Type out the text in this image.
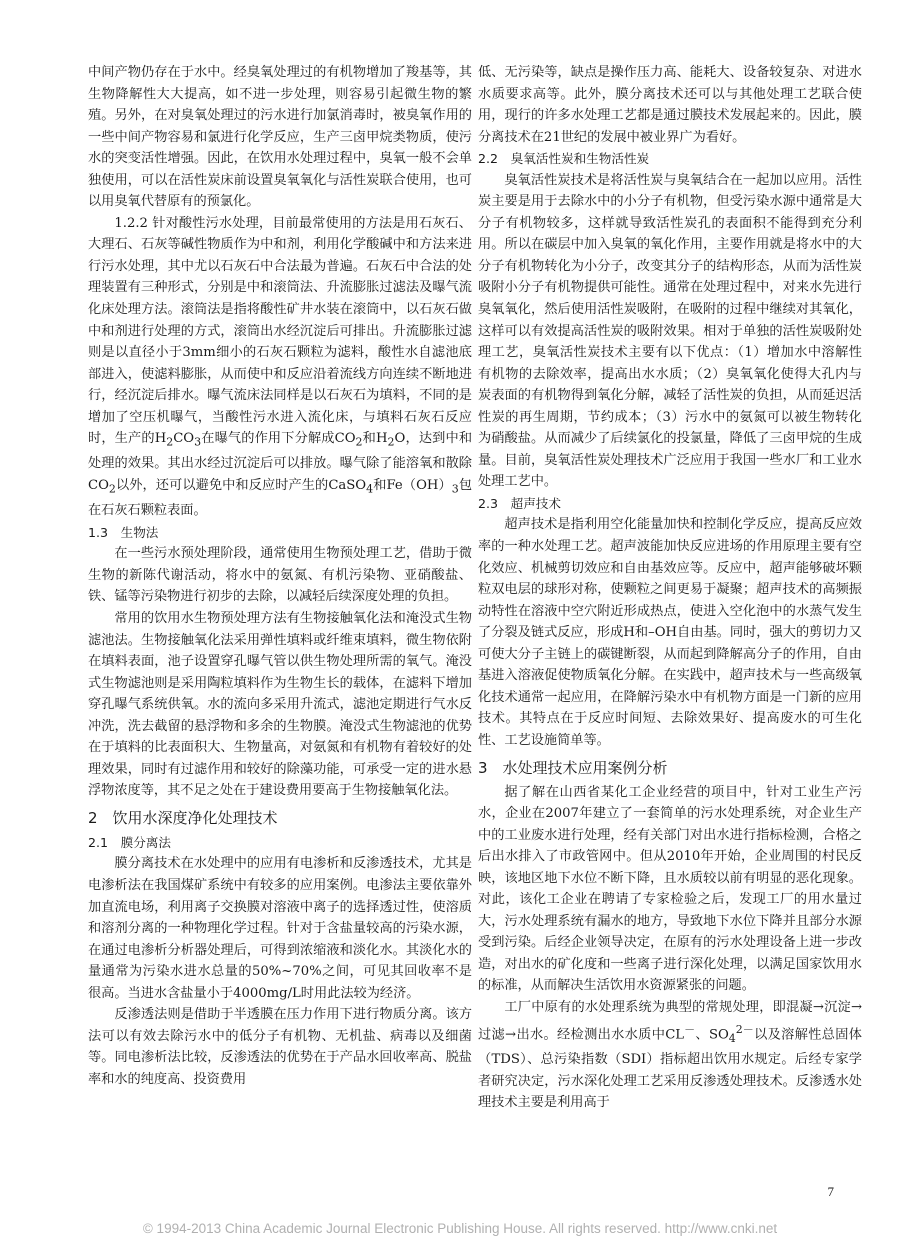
中间产物仍存在于水中。经臭氧处理过的有机物增加了羧基等，其生物降解性大大提高，如不进一步处理，则容易引起微生物的繁殖。另外，在对臭氧处理过的污水进行加氯消毒时，被臭氧作用的一些中间产物容易和氯进行化学反应，生产三卤甲烷类物质，使污水的突变活性增强。因此，在饮用水处理过程中，臭氧一般不会单独使用，可以在活性炭床前设置臭氧氧化与活性炭联合使用，也可以用臭氧代替原有的预氯化。

1.2.2 针对酸性污水处理，目前最常使用的方法是用石灰石、大理石、石灰等碱性物质作为中和剂，利用化学酸碱中和方法来进行污水处理，其中尤以石灰石中合法最为普遍。石灰石中合法的处理装置有三种形式，分别是中和滚筒法、升流膨胀过滤法及曝气流化床处理方法。滚筒法是指将酸性矿井水装在滚筒中，以石灰石做中和剂进行处理的方式，滚筒出水经沉淀后可排出。升流膨胀过滤则是以直径小于3mm细小的石灰石颗粒为滤料，酸性水自滤池底部进入，使滤料膨胀，从而使中和反应沿着流线方向连续不断地进行，经沉淀后排水。曝气流床法同样是以石灰石为填料，不同的是增加了空压机曝气，当酸性污水进入流化床，与填料石灰石反应时，生产的$H_2CO_3$在曝气的作用下分解成$CO_2$和$H_2O$，达到中和处理的效果。其出水经过沉淀后可以排放。曝气除了能溶氧和散除$CO_2$以外，还可以避免中和反应时产生的CaSO$_4$和$Fe(OH)_3$包在石灰石颗粒表面。

1.3　生物法

在一些污水预处理阶段，通常使用生物预处理工艺，借助于微生物的新陈代谢活动，将水中的氨氮、有机污染物、亚硝酸盐、铁、锰等污染物进行初步的去除，以减轻后续深度处理的负担。

常用的饮用水生物预处理方法有生物接触氧化法和淹没式生物滤池法。生物接触氧化法采用弹性填料或纤维束填料，微生物依附在填料表面，池子设置穿孔曝气管以供生物处理所需的氧气。淹没式生物滤池则是采用陶粒填料作为生物生长的载体，在滤料下增加穿孔曝气系统供氧。水的流向多采用升流式，滤池定期进行气水反冲洗，洗去截留的悬浮物和多余的生物膜。淹没式生物滤池的优势在于填料的比表面积大、生物量高，对氨氮和有机物有着较好的处理效果，同时有过滤作用和较好的除藻功能，可承受一定的进水悬浮物浓度等，其不足之处在于建设费用要高于生物接触氧化法。

2　饮用水深度净化处理技术
2.1　膜分离法

膜分离技术在水处理中的应用有电渗析和反渗透技术，尤其是电渗析法在我国煤矿系统中有较多的应用案例。电渗法主要依靠外加直流电场，利用离子交换膜对溶液中离子的选择透过性，使溶质和溶剂分离的一种物理化学过程。针对于含盐量较高的污染水源，在通过电渗析分析器处理后，可得到浓缩液和淡化水。其淡化水的量通常为污染水进水总量的50%~70%之间，可见其回收率不是很高。当进水含盐量小于4000mg/L时用此法较为经济。

反渗透法则是借助于半透膜在压力作用下进行物质分离。该方法可以有效去除污水中的低分子有机物、无机盐、病毒以及细菌等。同电渗析法比较，反渗透法的优势在于产品水回收率高、脱盐率和水的纯度高、投资费用

低、无污染等，缺点是操作压力高、能耗大、设备较复杂、对进水水质要求高等。此外，膜分离技术还可以与其他处理工艺联合使用，现行的许多水处理工艺都是通过膜技术发展起来的。因此，膜分离技术在21世纪的发展中被业界广为看好。

2.2　臭氧活性炭和生物活性炭

臭氧活性炭技术是将活性炭与臭氧结合在一起加以应用。活性炭主要是用于去除水中的小分子有机物，但受污染水源中通常是大分子有机物较多，这样就导致活性炭孔的表面积不能得到充分利用。所以在碳层中加入臭氧的氧化作用，主要作用就是将水中的大分子有机物转化为小分子，改变其分子的结构形态，从而为活性炭吸附小分子有机物提供可能性。通常在处理过程中，对来水先进行臭氧氧化，然后使用活性炭吸附，在吸附的过程中继续对其氧化，这样可以有效提高活性炭的吸附效果。相对于单独的活性炭吸附处理工艺，臭氧活性炭技术主要有以下优点：（1）增加水中溶解性有机物的去除效率，提高出水水质；（2）臭氧氧化使得大孔内与炭表面的有机物得到氧化分解，减轻了活性炭的负担，从而延迟活性炭的再生周期，节约成本；（3）污水中的氨氮可以被生物转化为硝酸盐。从而减少了后续氯化的投氯量，降低了三卤甲烷的生成量。目前，臭氧活性炭处理技术广泛应用于我国一些水厂和工业水处理工艺中。

2.3　超声技术

超声技术是指利用空化能量加快和控制化学反应，提高反应效率的一种水处理工艺。超声波能加快反应进场的作用原理主要有空化效应、机械剪切效应和自由基效应等。反应中，超声能够破坏颗粒双电层的球形对称，使颗粒之间更易于凝聚；超声技术的高频振动特性在溶液中空穴附近形成热点，使进入空化泡中的水蒸气发生了分裂及链式反应，形成H和–OH自由基。同时，强大的剪切力又可使大分子主链上的碳键断裂，从而起到降解高分子的作用，自由基进入溶液促使物质氧化分解。在实践中，超声技术与一些高级氧化技术通常一起应用，在降解污染水中有机物方面是一门新的应用技术。其特点在于反应时间短、去除效果好、提高废水的可生化性、工艺设施简单等。

3　水处理技术应用案例分析

据了解在山西省某化工企业经营的项目中，针对工业生产污水，企业在2007年建立了一套简单的污水处理系统，对企业生产中的工业废水进行处理，经有关部门对出水进行指标检测，合格之后出水排入了市政管网中。但从2010年开始，企业周围的村民反映，该地区地下水位不断下降，且水质较以前有明显的恶化现象。对此，该化工企业在聘请了专家检验之后，发现工厂的用水量过大，污水处理系统有漏水的地方，导致地下水位下降并且部分水源受到污染。后经企业领导决定，在原有的污水处理设备上进一步改造，对出水的矿化度和一些离子进行深化处理，以满足国家饮用水的标准，从而解决生活饮用水资源紧张的问题。

工厂中原有的水处理系统为典型的常规处理，即混凝→沉淀→过滤→出水。经检测出水水质中CL－、$SO_4^{2-}$以及溶解性总固体（TDS）、总污染指数（SDI）指标超出饮用水规定。后经专家学者研究决定，污水深化处理工艺采用反渗透处理技术。反渗透水处理技术主要是利用高于

7
© 1994-2013 China Academic Journal Electronic Publishing House. All rights reserved. http://www.cnki.net
